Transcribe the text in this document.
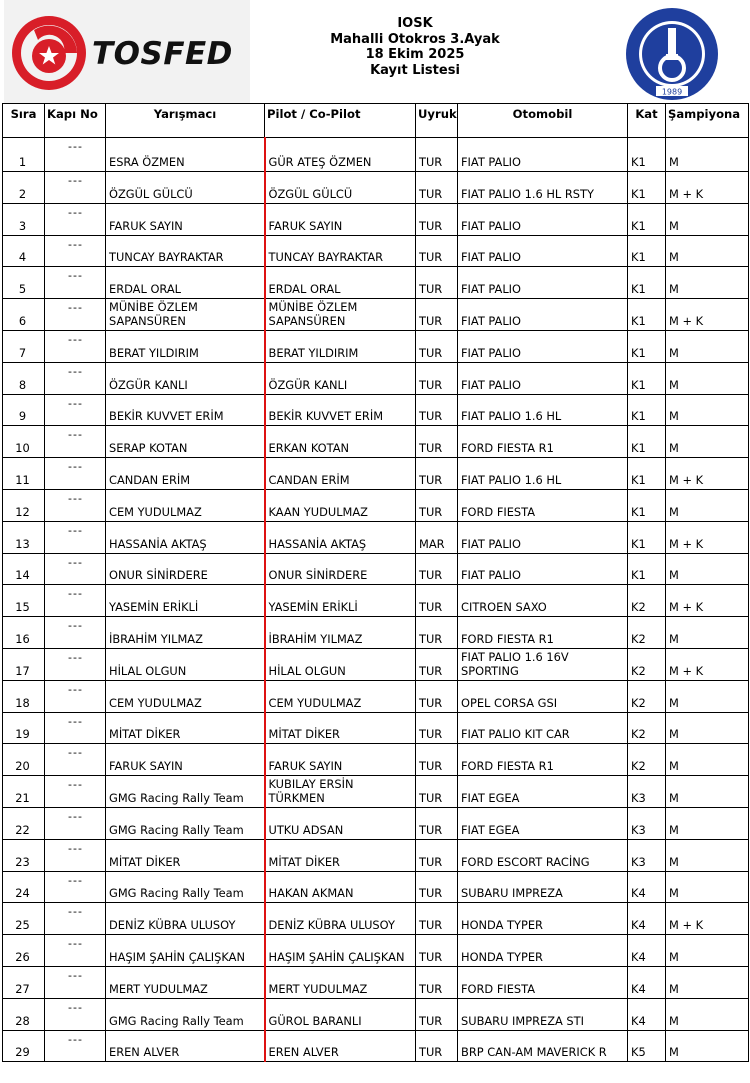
TOSFED
IOSK
Mahalli Otokros 3.Ayak
18 Ekim 2025
Kayıt Listesi
1989
Sıra	Kapı No	Yarışmacı	Pilot / Co-Pilot	Uyruk	Otomobil	Kat	Şampiyona
1	---	ESRA ÖZMEN	GÜR ATEŞ ÖZMEN	TUR	FIAT PALIO	K1	M
2	---	ÖZGÜL GÜLCÜ	ÖZGÜL GÜLCÜ	TUR	FIAT PALIO 1.6 HL RSTY	K1	M + K
3	---	FARUK SAYIN	FARUK SAYIN	TUR	FIAT PALIO	K1	M
4	---	TUNCAY BAYRAKTAR	TUNCAY BAYRAKTAR	TUR	FIAT PALIO	K1	M
5	---	ERDAL ORAL	ERDAL ORAL	TUR	FIAT PALIO	K1	M
6	---	MÜNİBE ÖZLEM SAPANSÜREN	MÜNİBE ÖZLEM SAPANSÜREN	TUR	FIAT PALIO	K1	M + K
7	---	BERAT YILDIRIM	BERAT YILDIRIM	TUR	FIAT PALIO	K1	M
8	---	ÖZGÜR KANLI	ÖZGÜR KANLI	TUR	FIAT PALIO	K1	M
9	---	BEKİR KUVVET ERİM	BEKİR KUVVET ERİM	TUR	FIAT PALIO 1.6 HL	K1	M
10	---	SERAP KOTAN	ERKAN KOTAN	TUR	FORD FIESTA R1	K1	M
11	---	CANDAN ERİM	CANDAN ERİM	TUR	FIAT PALIO 1.6 HL	K1	M + K
12	---	CEM YUDULMAZ	KAAN YUDULMAZ	TUR	FORD FIESTA	K1	M
13	---	HASSANİA AKTAŞ	HASSANİA AKTAŞ	MAR	FIAT PALIO	K1	M + K
14	---	ONUR SİNİRDERE	ONUR SİNİRDERE	TUR	FIAT PALIO	K1	M
15	---	YASEMİN ERİKLİ	YASEMİN ERİKLİ	TUR	CITROEN SAXO	K2	M + K
16	---	İBRAHİM YILMAZ	İBRAHİM YILMAZ	TUR	FORD FIESTA R1	K2	M
17	---	HİLAL OLGUN	HİLAL OLGUN	TUR	FIAT PALIO 1.6 16V SPORTING	K2	M + K
18	---	CEM YUDULMAZ	CEM YUDULMAZ	TUR	OPEL CORSA GSI	K2	M
19	---	MİTAT DİKER	MİTAT DİKER	TUR	FIAT PALIO KIT CAR	K2	M
20	---	FARUK SAYIN	FARUK SAYIN	TUR	FORD FIESTA R1	K2	M
21	---	GMG Racing Rally Team	KUBILAY ERSİN TÜRKMEN	TUR	FIAT EGEA	K3	M
22	---	GMG Racing Rally Team	UTKU ADSAN	TUR	FIAT EGEA	K3	M
23	---	MİTAT DİKER	MİTAT DİKER	TUR	FORD ESCORT RACİNG	K3	M
24	---	GMG Racing Rally Team	HAKAN AKMAN	TUR	SUBARU IMPREZA	K4	M
25	---	DENİZ KÜBRA ULUSOY	DENİZ KÜBRA ULUSOY	TUR	HONDA TYPER	K4	M + K
26	---	HAŞIM ŞAHİN ÇALIŞKAN	HAŞIM ŞAHİN ÇALIŞKAN	TUR	HONDA TYPER	K4	M
27	---	MERT YUDULMAZ	MERT YUDULMAZ	TUR	FORD FIESTA	K4	M
28	---	GMG Racing Rally Team	GÜROL BARANLI	TUR	SUBARU IMPREZA STI	K4	M
29	---	EREN ALVER	EREN ALVER	TUR	BRP CAN-AM MAVERICK R	K5	M
